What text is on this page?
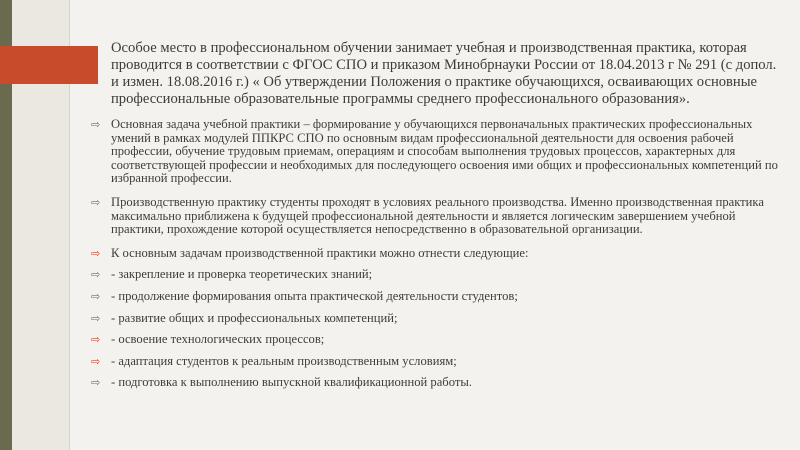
Особое место в профессиональном обучении занимает учебная и производственная практика, которая проводится в соответствии с ФГОС СПО и приказом Минобрнауки России от 18.04.2013 г № 291 (с допол. и измен. 18.08.2016 г.) « Об утверждении Положения о практике обучающихся, осваивающих основные профессиональные образовательные программы среднего профессионального образования».

⇨ Основная задача учебной практики – формирование у обучающихся первоначальных практических профессиональных умений в рамках модулей ППКРС СПО по основным видам профессиональной деятельности для освоения рабочей профессии, обучение трудовым приемам, операциям и способам выполнения трудовых процессов, характерных для соответствующей профессии и необходимых для последующего освоения ими общих и профессиональных компетенций по избранной профессии.
⇨ Производственную практику студенты проходят в условиях реального производства. Именно производственная практика максимально приближена к будущей профессиональной деятельности и является логическим завершением учебной практики, прохождение которой осуществляется непосредственно в образовательной организации.
⇨ К основным задачам производственной практики можно отнести следующие:
⇨ - закрепление и проверка теоретических знаний;
⇨ - продолжение формирования опыта практической деятельности студентов;
⇨ - развитие общих и профессиональных компетенций;
⇨ - освоение технологических процессов;
⇨ - адаптация студентов к реальным производственным условиям;
⇨ - подготовка к выполнению выпускной квалификационной работы.
